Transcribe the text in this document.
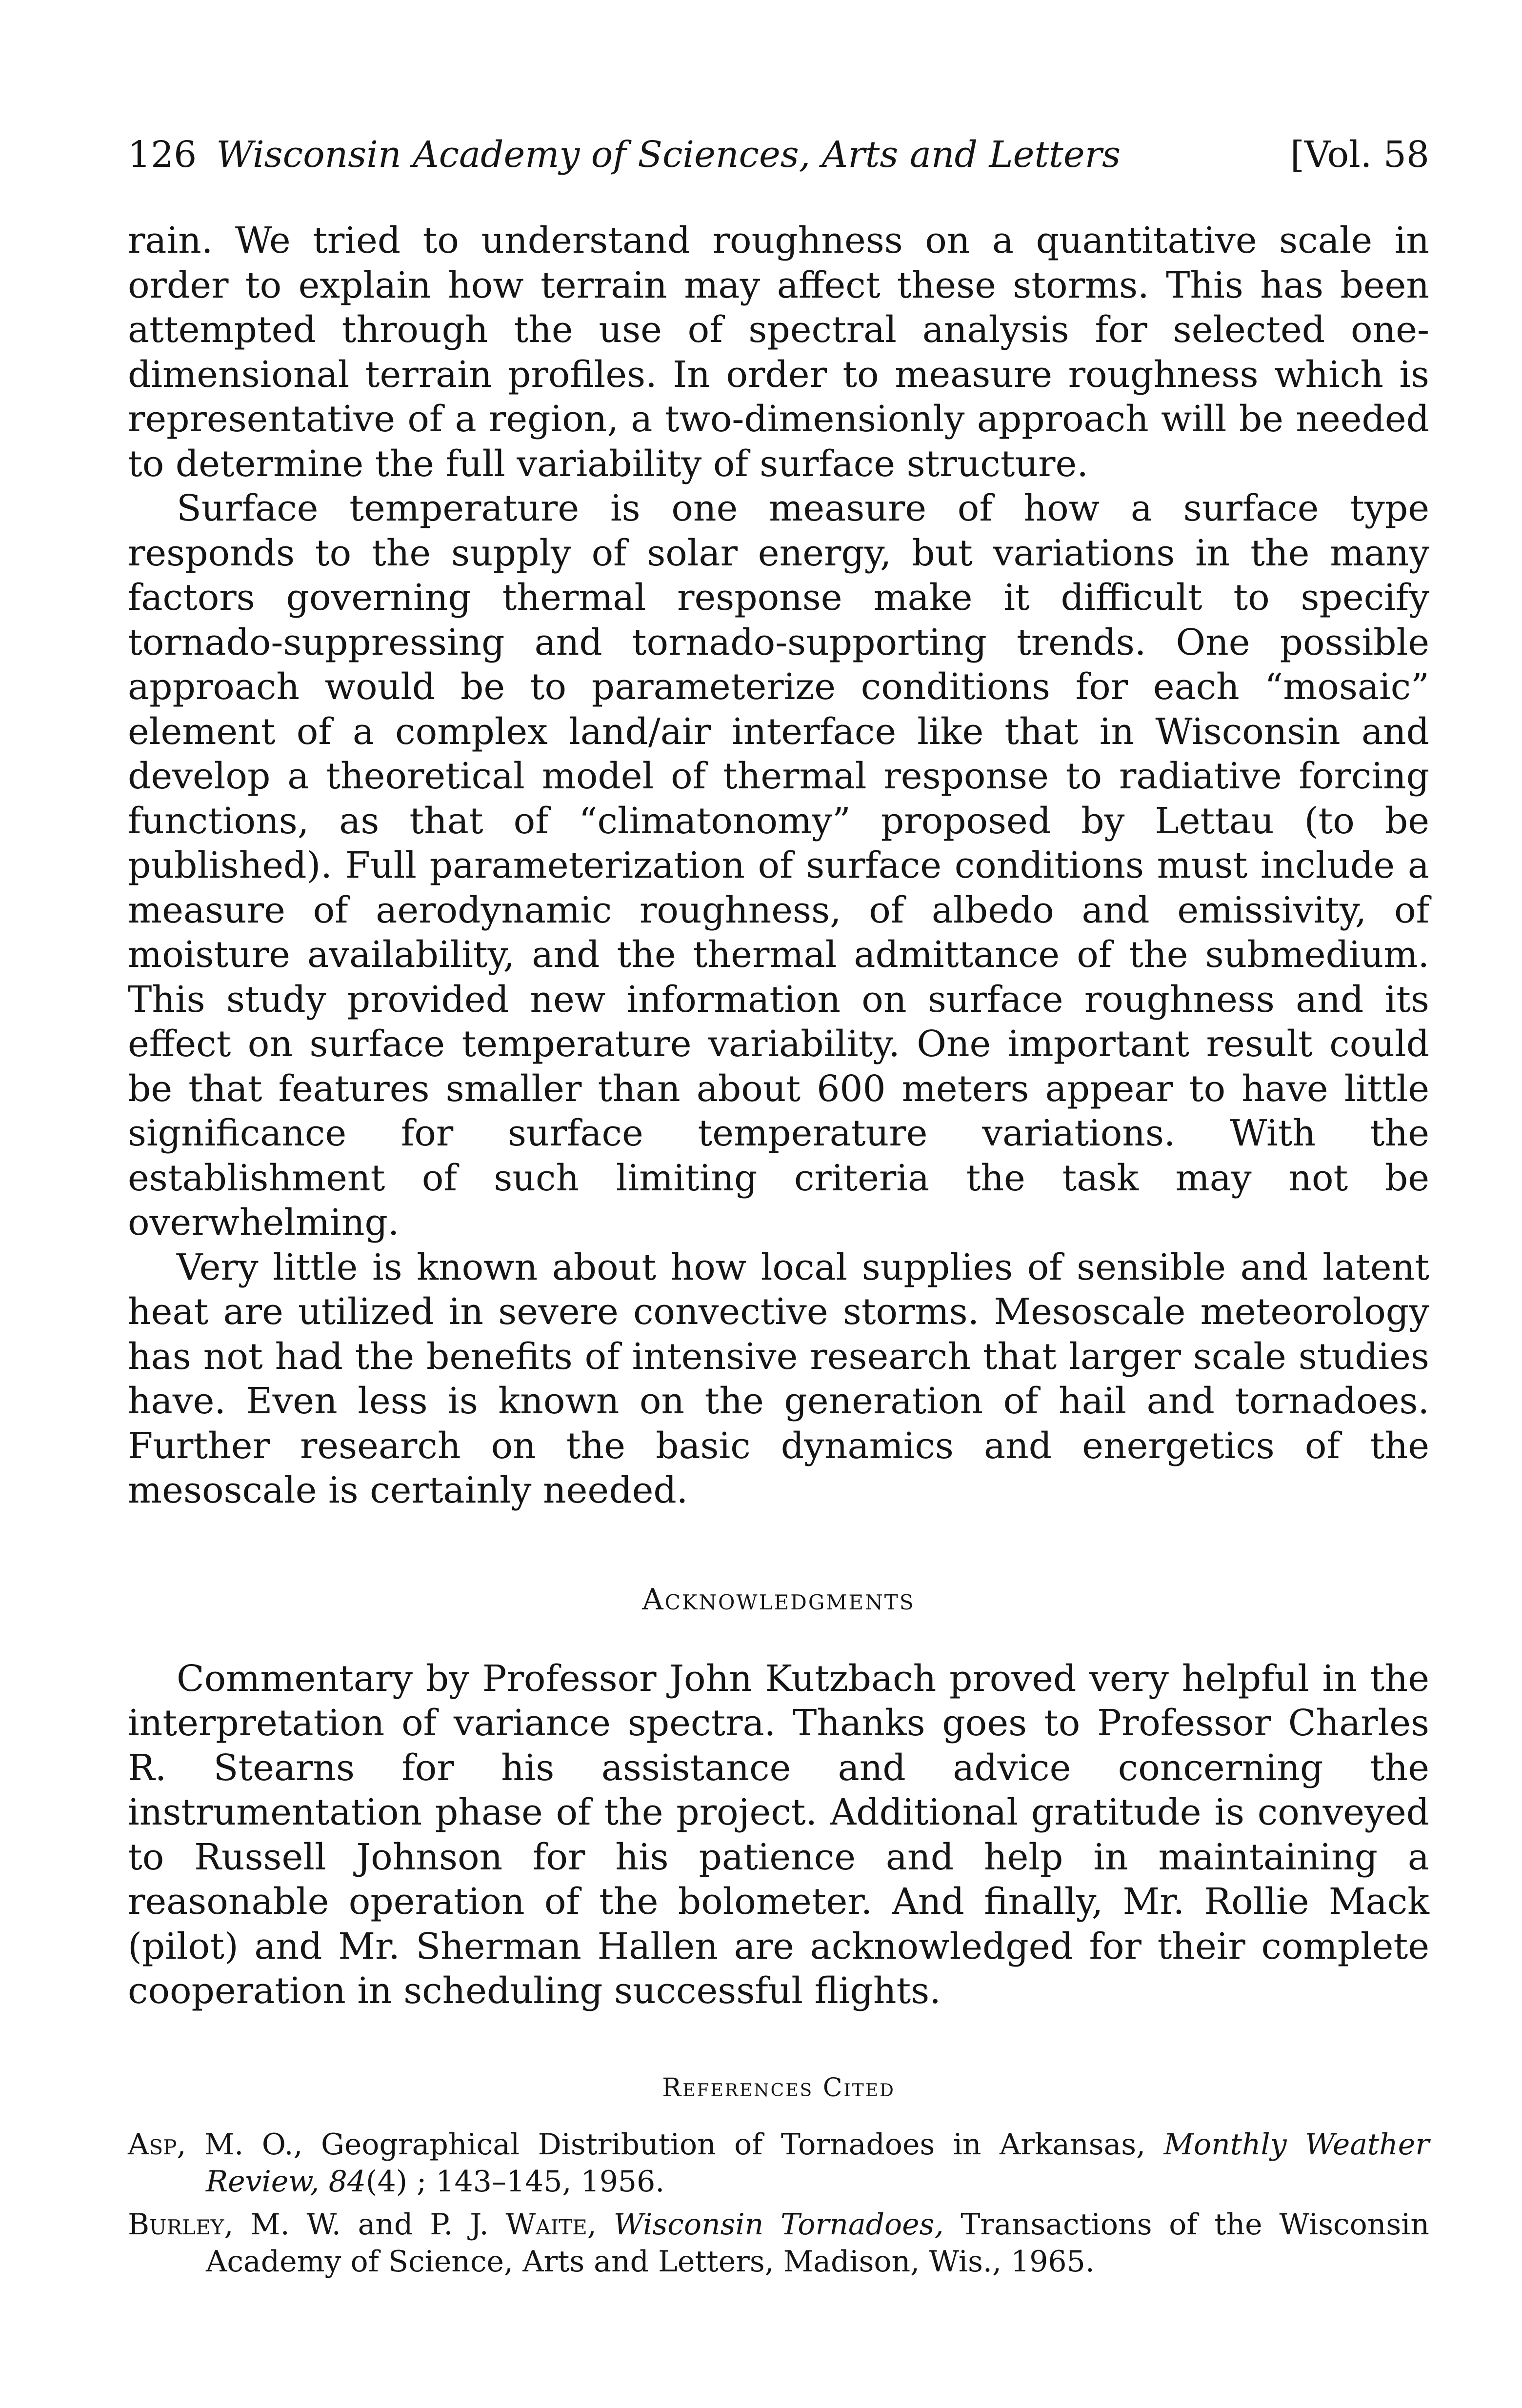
126 Wisconsin Academy of Sciences, Arts and Letters	[Vol. 58

rain. We tried to understand roughness on a quantitative scale in order to explain how terrain may affect these storms. This has been attempted through the use of spectral analysis for selected one-dimensional terrain profiles. In order to measure roughness which is representative of a region, a two-dimensionly approach will be needed to determine the full variability of surface structure.

Surface temperature is one measure of how a surface type responds to the supply of solar energy, but variations in the many factors governing thermal response make it difficult to specify tornado-suppressing and tornado-supporting trends. One possible approach would be to parameterize conditions for each “mosaic” element of a complex land/air interface like that in Wisconsin and develop a theoretical model of thermal response to radiative forcing functions, as that of “climatonomy” proposed by Lettau (to be published). Full parameterization of surface conditions must include a measure of aerodynamic roughness, of albedo and emissivity, of moisture availability, and the thermal admittance of the submedium. This study provided new information on surface roughness and its effect on surface temperature variability. One important result could be that features smaller than about 600 meters appear to have little significance for surface temperature variations. With the establishment of such limiting criteria the task may not be overwhelming.

Very little is known about how local supplies of sensible and latent heat are utilized in severe convective storms. Mesoscale meteorology has not had the benefits of intensive research that larger scale studies have. Even less is known on the generation of hail and tornadoes. Further research on the basic dynamics and energetics of the mesoscale is certainly needed.

Acknowledgments

Commentary by Professor John Kutzbach proved very helpful in the interpretation of variance spectra. Thanks goes to Professor Charles R. Stearns for his assistance and advice concerning the instrumentation phase of the project. Additional gratitude is conveyed to Russell Johnson for his patience and help in maintaining a reasonable operation of the bolometer. And finally, Mr. Rollie Mack (pilot) and Mr. Sherman Hallen are acknowledged for their complete cooperation in scheduling successful flights.

References Cited
Asp, M. O., Geographical Distribution of Tornadoes in Arkansas, Monthly Weather Review, 84(4) ; 143–145, 1956.
Burley, M. W. and P. J. Waite, Wisconsin Tornadoes, Transactions of the Wisconsin Academy of Science, Arts and Letters, Madison, Wis., 1965.
